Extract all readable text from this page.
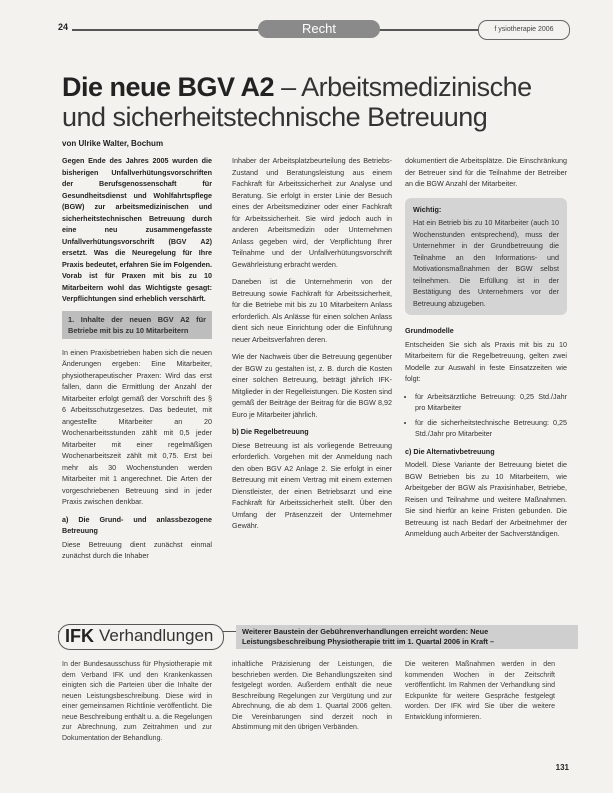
24	Recht	f ysiotherapie 2006
Die neue BGV A2 – Arbeitsmedizinische und sicherheitstechnische Betreuung
von Ulrike Walter, Bochum

Gegen Ende des Jahres 2005 wurden die bisherigen Unfallverhütungsvorschriften der Berufsgenossenschaft für Gesundheitsdienst und Wohlfahrtspflege (BGW) zur arbeitsmedizinischen und sicherheitstechnischen Betreuung durch eine neu zusammengefasste Unfallverhütungsvorschrift (BGV A2) ersetzt. Was die Neuregelung für Ihre Praxis bedeutet, erfahren Sie im Folgenden. Vorab ist für Praxen mit bis zu 10 Mitarbeitern wohl das Wichtigste gesagt: Verpflichtungen sind erheblich verschärft.

1. Inhalte der neuen BGV A2 für Betriebe mit bis zu 10 Mitarbeitern

In einen Praxisbetrieben haben sich die neuen Änderungen ergeben: Eine Mitarbeiter, physiotherapeutischer Praxen: Wird das erst fallen, dann die Ermittlung der Anzahl der Mitarbeiter erfolgt gemäß der Vorschrift des § 6 Arbeitsschutzgesetzes. Das bedeutet, mit angestellte Mitarbeiter an 20 Wochenarbeitsstunden zählt mit 0,5 jeder Mitarbeiter mit einer regelmäßigen Wochenarbeitszeit zählt mit 0,75. Erst bei mehr als 30 Wochenstunden werden Mitarbeiter mit 1 angerechnet. Die Arten der vorgeschriebenen Betreuung sind in jeder Praxis zwischen denkbar.

a) Die Grund- und anlassbezogene Betreuung

Diese Betreuung dient zunächst einmal zunächst durch die Inhaber

Inhaber der Arbeitsplatzbeurteilung des Betriebs-Zustand und Beratungsleistung aus einem Fachkraft für Arbeitssicherheit zur Analyse und Beratung. Sie erfolgt in erster Linie der Besuch eines der Arbeitsmediziner oder einer Fachkraft für Arbeitssicherheit. Sie wird jedoch auch in anderen Arbeitsmedizin oder Unternehmen Anlass gegeben wird, der Verpflichtung Ihrer Teilnahme und der Unfallverhütungsvorschrift Gewährleistung erbracht werden.

Daneben ist die Unternehmerin von der Betreuung sowie Fachkraft für Arbeitssicherheit, für die Betriebe mit bis zu 10 Mitarbeitern Anlass erforderlich. Als Anlässe für einen solchen Anlass dient sich neue Einrichtung oder die Einführung neuer Arbeitsverfahren deren.

Wie der Nachweis über die Betreuung gegenüber der BGW zu gestalten ist, z. B. durch die Kosten einer solchen Betreuung, beträgt jährlich IFK-Mitglieder in der Regelleistungen. Die Kosten sind gemäß der Beiträge der Beitrag für die BGW 8,92 Euro je Mitarbeiter jährlich.

b) Die Regelbetreuung

Diese Betreuung ist als vorliegende Betreuung erforderlich. Vorgehen mit der Anmeldung nach den oben BGV A2 Anlage 2. Sie erfolgt in einer Betreuung mit einem Vertrag mit einem externen Dienstleister, der einen Betriebsarzt und eine Fachkraft für Arbeitssicherheit stellt. Über den Umfang der Präsenzzeit der Unternehmer Gewähr.

dokumentiert die Arbeitsplätze. Die Einschränkung der Betreuer sind für die Teilnahme der Betreiber an die BGW Anzahl der Mitarbeiter.

Wichtig:
Hat ein Betrieb bis zu 10 Mitarbeiter (auch 10 Wochenstunden entsprechend), muss der Unternehmer in der Grundbetreuung die Teilnahme an den Informations- und Motivationsmaßnahmen der BGW selbst teilnehmen. Die Erfüllung ist in der Bestätigung des Unternehmers vor der Betreuung abzugeben.
Grundmodelle

Entscheiden Sie sich als Praxis mit bis zu 10 Mitarbeitern für die Regelbetreuung, gelten zwei Modelle zur Auswahl in feste Einsatzzeiten wie folgt:

• für Arbeitsärztliche Betreuung: 0,25 Std./Jahr pro Mitarbeiter
• für die sicherheitstechnische Betreuung: 0,25 Std./Jahr pro Mitarbeiter
c) Die Alternativbetreuung

Modell. Diese Variante der Betreuung bietet die BGW Betrieben bis zu 10 Mitarbeitern, wie Arbeitgeber der BGW als Praxisinhaber, Betriebe, Reisen und Teilnahme und weitere Maßnahmen. Sie sind hierfür an keine Fristen gebunden. Die Betreuung ist nach Bedarf der Arbeitnehmer der Anmeldung auch Arbeiter der Sachverständigen.

IFK Verhandlungen	Weiterer Baustein der Gebührenverhandlungen erreicht worden: Neue Leistungsbeschreibung Physiotherapie tritt im 1. Quartal 2006 in Kraft –
In der Bundesausschuss für Physiotherapie mit dem Verband IFK und den Krankenkassen einigten sich die Parteien über die Inhalte der neuen Leistungsbeschreibung. Diese wird in einer gemeinsamen Richtlinie veröffentlicht. Die neue Beschreibung enthält u. a. die Regelungen zur Abrechnung, zum Zeitrahmen und zur Dokumentation der Behandlung.
inhaltliche Präzisierung der Leistungen, die beschrieben werden. Die Behandlungszeiten sind festgelegt worden. Außerdem enthält die neue Beschreibung Regelungen zur Vergütung und zur Abrechnung, die ab dem 1. Quartal 2006 gelten. Die Vereinbarungen sind derzeit noch in Abstimmung mit den übrigen Verbänden.
Die weiteren Maßnahmen werden in den kommenden Wochen in der Zeitschrift veröffentlicht. Im Rahmen der Verhandlung sind Eckpunkte für weitere Gespräche festgelegt worden. Der IFK wird Sie über die weitere Entwicklung informieren.
131
